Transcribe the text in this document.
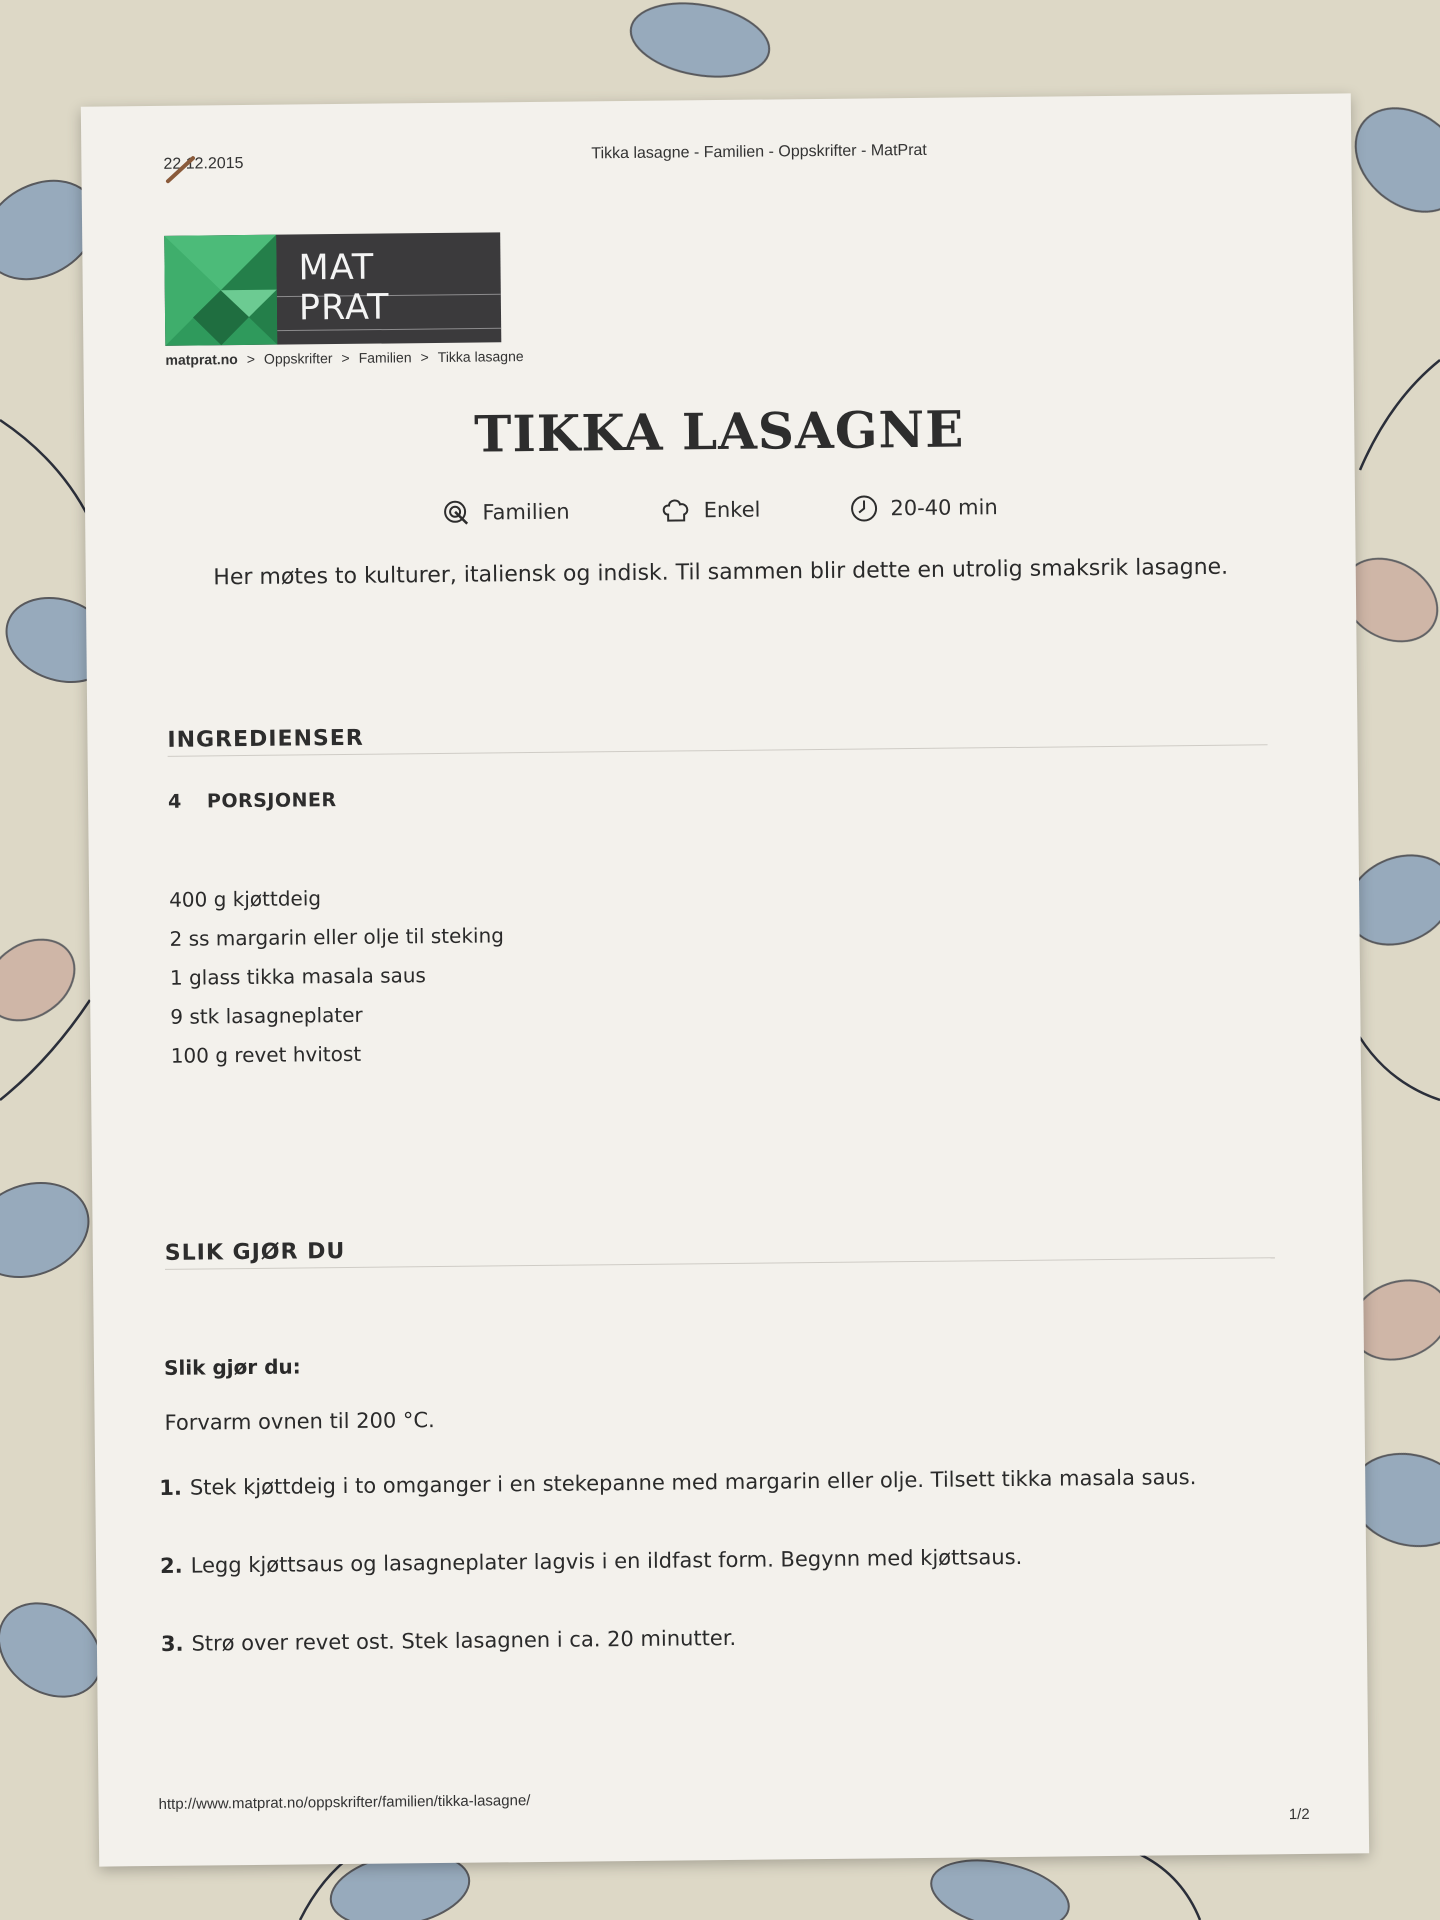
22.12.2015
Tikka lasagne - Familien - Oppskrifter - MatPrat
MAT
PRAT
matprat.no > Oppskrifter > Familien > Tikka lasagne
TIKKA LASAGNE
Familien	Enkel	20-40 min
Her møtes to kulturer, italiensk og indisk. Til sammen blir dette en utrolig smaksrik lasagne.
INGREDIENSER
4 PORSJONER
400 g kjøttdeig
2 ss margarin eller olje til steking
1 glass tikka masala saus
9 stk lasagneplater
100 g revet hvitost
SLIK GJØR DU
Slik gjør du:
Forvarm ovnen til 200 °C.
1. Stek kjøttdeig i to omganger i en stekepanne med margarin eller olje. Tilsett tikka masala saus.
2. Legg kjøttsaus og lasagneplater lagvis i en ildfast form. Begynn med kjøttsaus.
3. Strø over revet ost. Stek lasagnen i ca. 20 minutter.
http://www.matprat.no/oppskrifter/familien/tikka-lasagne/
1/2
